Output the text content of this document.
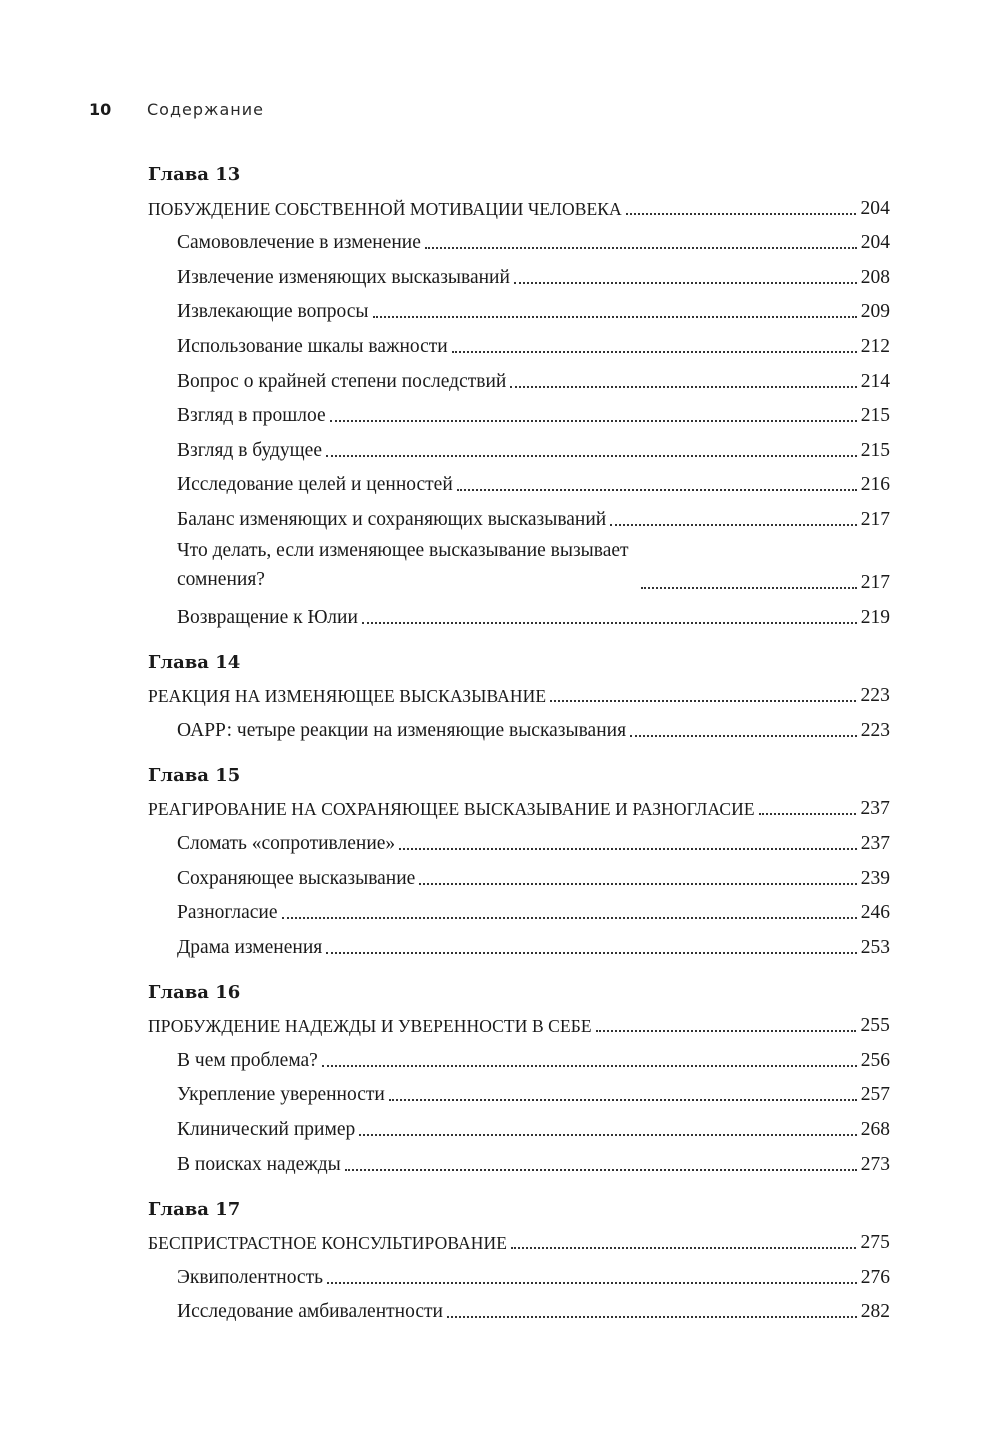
10	Содержание
Глава 13
ПОБУЖДЕНИЕ СОБСТВЕННОЙ МОТИВАЦИИ ЧЕЛОВЕКА	204
Самововлечение в изменение	204
Извлечение изменяющих высказываний	208
Извлекающие вопросы	209
Использование шкалы важности	212
Вопрос о крайней степени последствий	214
Взгляд в прошлое	215
Взгляд в будущее	215
Исследование целей и ценностей	216
Баланс изменяющих и сохраняющих высказываний	217
Что делать, если изменяющее высказывание вызывает сомнения?	217
Возвращение к Юлии	219
Глава 14
РЕАКЦИЯ НА ИЗМЕНЯЮЩЕЕ ВЫСКАЗЫВАНИЕ	223
ОАРР: четыре реакции на изменяющие высказывания	223
Глава 15
РЕАГИРОВАНИЕ НА СОХРАНЯЮЩЕЕ ВЫСКАЗЫВАНИЕ И РАЗНОГЛАСИЕ	237
Сломать «сопротивление»	237
Сохраняющее высказывание	239
Разногласие	246
Драма изменения	253
Глава 16
ПРОБУЖДЕНИЕ НАДЕЖДЫ И УВЕРЕННОСТИ В СЕБЕ	255
В чем проблема?	256
Укрепление уверенности	257
Клинический пример	268
В поисках надежды	273
Глава 17
БЕСПРИСТРАСТНОЕ КОНСУЛЬТИРОВАНИЕ	275
Эквиполентность	276
Исследование амбивалентности	282
